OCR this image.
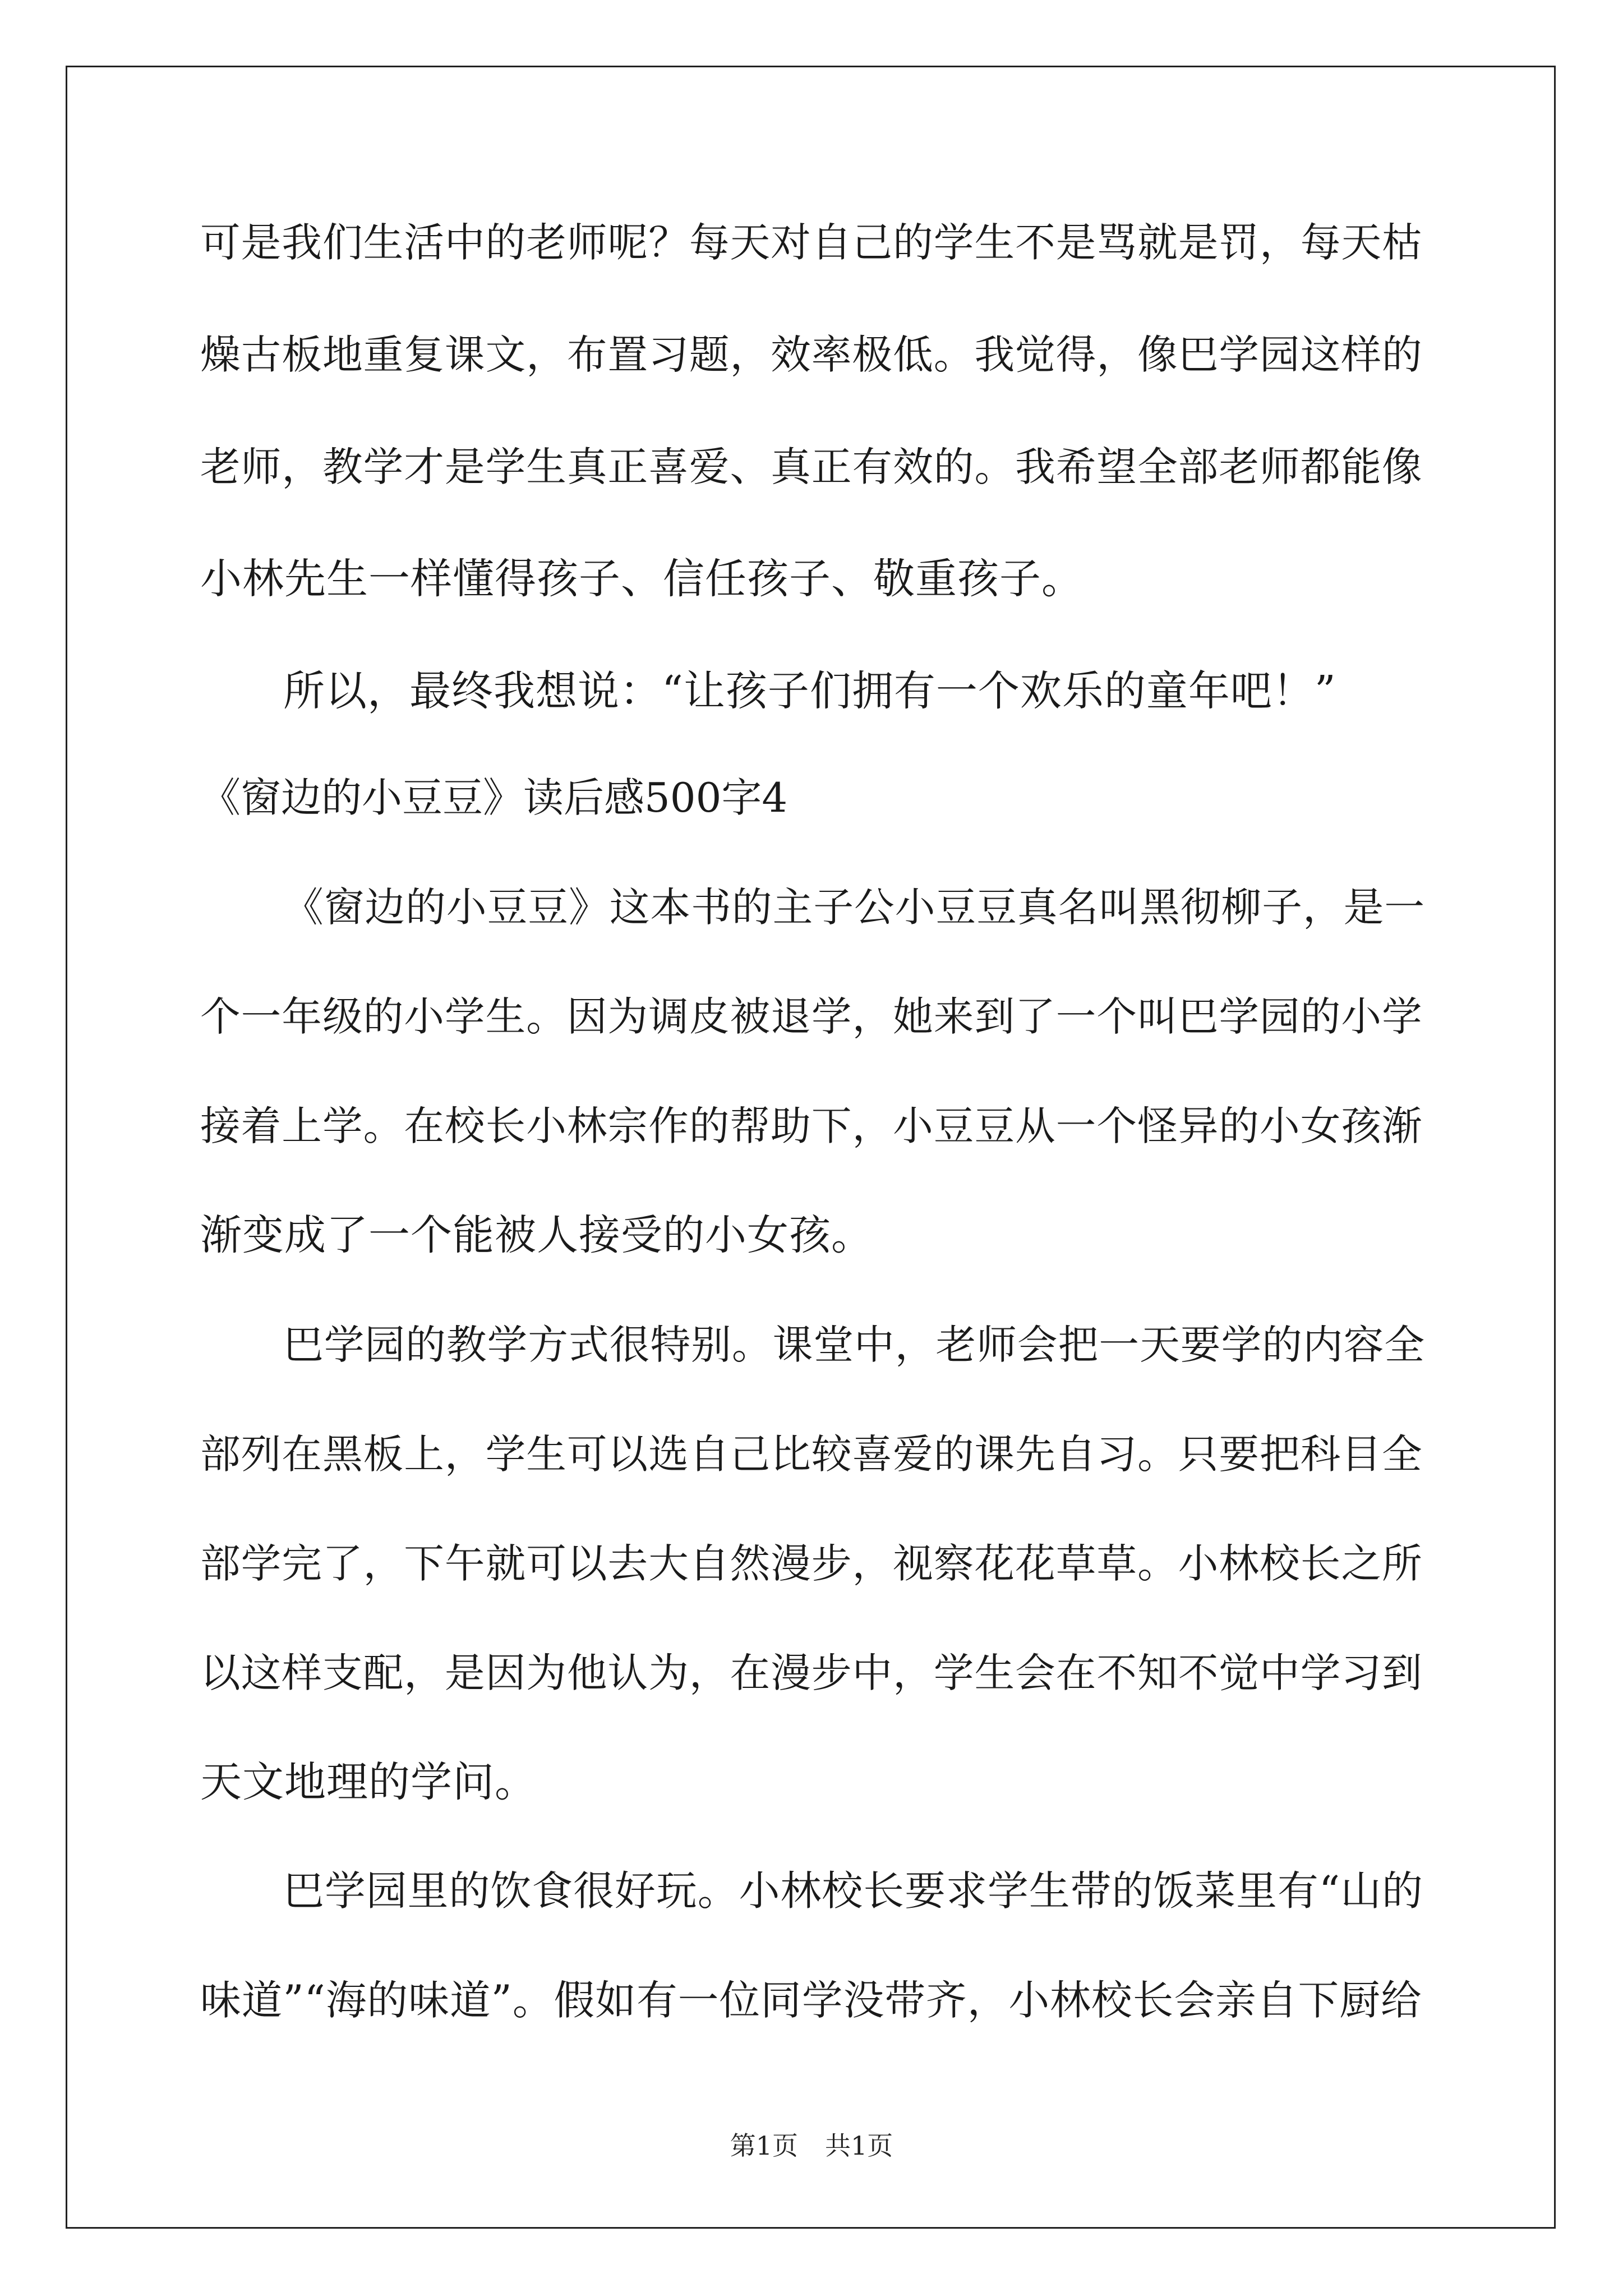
可是我们生活中的老师呢？每天对自己的学生不是骂就是罚，每天枯
燥古板地重复课文，布置习题，效率极低。我觉得，像巴学园这样的
老师，教学才是学生真正喜爱、真正有效的。我希望全部老师都能像
小林先生一样懂得孩子、信任孩子、敬重孩子。
所以，最终我想说：“让孩子们拥有一个欢乐的童年吧！”
《窗边的小豆豆》读后感500字4
《窗边的小豆豆》这本书的主子公小豆豆真名叫黑彻柳子，是一
个一年级的小学生。因为调皮被退学，她来到了一个叫巴学园的小学
接着上学。在校长小林宗作的帮助下，小豆豆从一个怪异的小女孩渐
渐变成了一个能被人接受的小女孩。
巴学园的教学方式很特别。课堂中，老师会把一天要学的内容全
部列在黑板上，学生可以选自己比较喜爱的课先自习。只要把科目全
部学完了，下午就可以去大自然漫步，视察花花草草。小林校长之所
以这样支配，是因为他认为，在漫步中，学生会在不知不觉中学习到
天文地理的学问。
巴学园里的饮食很好玩。小林校长要求学生带的饭菜里有“山的
味道”“海的味道”。假如有一位同学没带齐，小林校长会亲自下厨给
第1页 共1页
